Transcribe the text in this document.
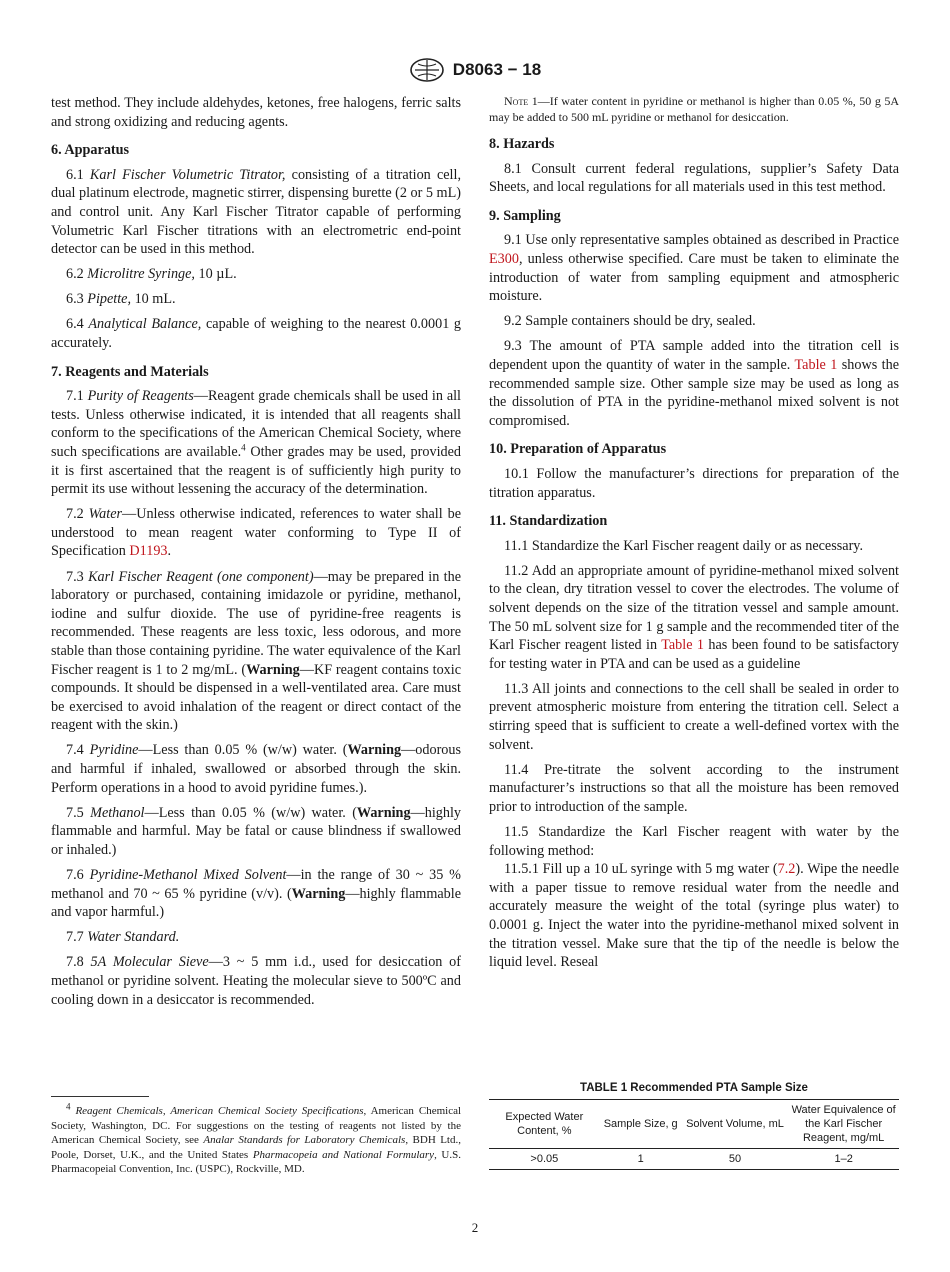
D8063 − 18

test method. They include aldehydes, ketones, free halogens, ferric salts and strong oxidizing and reducing agents.

6. Apparatus

6.1 Karl Fischer Volumetric Titrator, consisting of a titration cell, dual platinum electrode, magnetic stirrer, dispensing burette (2 or 5 mL) and control unit. Any Karl Fischer Titrator capable of performing Volumetric Karl Fischer titrations with an electrometric end-point detector can be used in this method.

6.2 Microlitre Syringe, 10 µL.

6.3 Pipette, 10 mL.

6.4 Analytical Balance, capable of weighing to the nearest 0.0001 g accurately.

7. Reagents and Materials

7.1 Purity of Reagents—Reagent grade chemicals shall be used in all tests. Unless otherwise indicated, it is intended that all reagents shall conform to the specifications of the American Chemical Society, where such specifications are available.$^4$ Other grades may be used, provided it is first ascertained that the reagent is of sufficiently high purity to permit its use without lessening the accuracy of the determination.

7.2 Water—Unless otherwise indicated, references to water shall be understood to mean reagent water conforming to Type II of Specification D1193.

7.3 Karl Fischer Reagent (one component)—may be prepared in the laboratory or purchased, containing imidazole or pyridine, methanol, iodine and sulfur dioxide. The use of pyridine-free reagents is recommended. These reagents are less toxic, less odorous, and more stable than those containing pyridine. The water equivalence of the Karl Fischer reagent is 1 to 2 mg/mL. (Warning—KF reagent contains toxic compounds. It should be dispensed in a well-ventilated area. Care must be exercised to avoid inhalation of the reagent or direct contact of the reagent with the skin.)

7.4 Pyridine—Less than 0.05 % (w/w) water. (Warning—odorous and harmful if inhaled, swallowed or absorbed through the skin. Perform operations in a hood to avoid pyridine fumes.).

7.5 Methanol—Less than 0.05 % (w/w) water. (Warning—highly flammable and harmful. May be fatal or cause blindness if swallowed or inhaled.)

7.6 Pyridine-Methanol Mixed Solvent—in the range of 30 ~ 35 % methanol and 70 ~ 65 % pyridine (v/v). (Warning—highly flammable and vapor harmful.)

7.7 Water Standard.

7.8 5A Molecular Sieve—3 ~ 5 mm i.d., used for desiccation of methanol or pyridine solvent. Heating the molecular sieve to 500ºC and cooling down in a desiccator is recommended.

$^4$ Reagent Chemicals, American Chemical Society Specifications, American Chemical Society, Washington, DC. For suggestions on the testing of reagents not listed by the American Chemical Society, see Analar Standards for Laboratory Chemicals, BDH Ltd., Poole, Dorset, U.K., and the United States Pharmacopeia and National Formulary, U.S. Pharmacopeial Convention, Inc. (USPC), Rockville, MD.

Note 1—If water content in pyridine or methanol is higher than 0.05 %, 50 g 5A may be added to 500 mL pyridine or methanol for desiccation.

8. Hazards

8.1 Consult current federal regulations, supplier’s Safety Data Sheets, and local regulations for all materials used in this test method.

9. Sampling

9.1 Use only representative samples obtained as described in Practice E300, unless otherwise specified. Care must be taken to eliminate the introduction of water from sampling equipment and atmospheric moisture.

9.2 Sample containers should be dry, sealed.

9.3 The amount of PTA sample added into the titration cell is dependent upon the quantity of water in the sample. Table 1 shows the recommended sample size. Other sample size may be used as long as the dissolution of PTA in the pyridine-methanol mixed solvent is not compromised.

10. Preparation of Apparatus

10.1 Follow the manufacturer’s directions for preparation of the titration apparatus.

11. Standardization

11.1 Standardize the Karl Fischer reagent daily or as necessary.

11.2 Add an appropriate amount of pyridine-methanol mixed solvent to the clean, dry titration vessel to cover the electrodes. The volume of solvent depends on the size of the titration vessel and sample amount. The 50 mL solvent size for 1 g sample and the recommended titer of the Karl Fischer reagent listed in Table 1 has been found to be satisfactory for testing water in PTA and can be used as a guideline

11.3 All joints and connections to the cell shall be sealed in order to prevent atmospheric moisture from entering the titration cell. Select a stirring speed that is sufficient to create a well-defined vortex with the solvent.

11.4 Pre-titrate the solvent according to the instrument manufacturer’s instructions so that all the moisture has been removed prior to introduction of the sample.

11.5 Standardize the Karl Fischer reagent with water by the following method:

11.5.1 Fill up a 10 uL syringe with 5 mg water (7.2). Wipe the needle with a paper tissue to remove residual water from the needle and accurately measure the weight of the total (syringe plus water) to 0.0001 g. Inject the water into the pyridine-methanol mixed solvent in the titration vessel. Make sure that the tip of the needle is below the liquid level. Reseal

TABLE 1 Recommended PTA Sample Size
Expected Water Content, %	Sample Size, g	Solvent Volume, mL	Water Equivalence of the Karl Fischer Reagent, mg/mL
>0.05	1	50	1–2
2
